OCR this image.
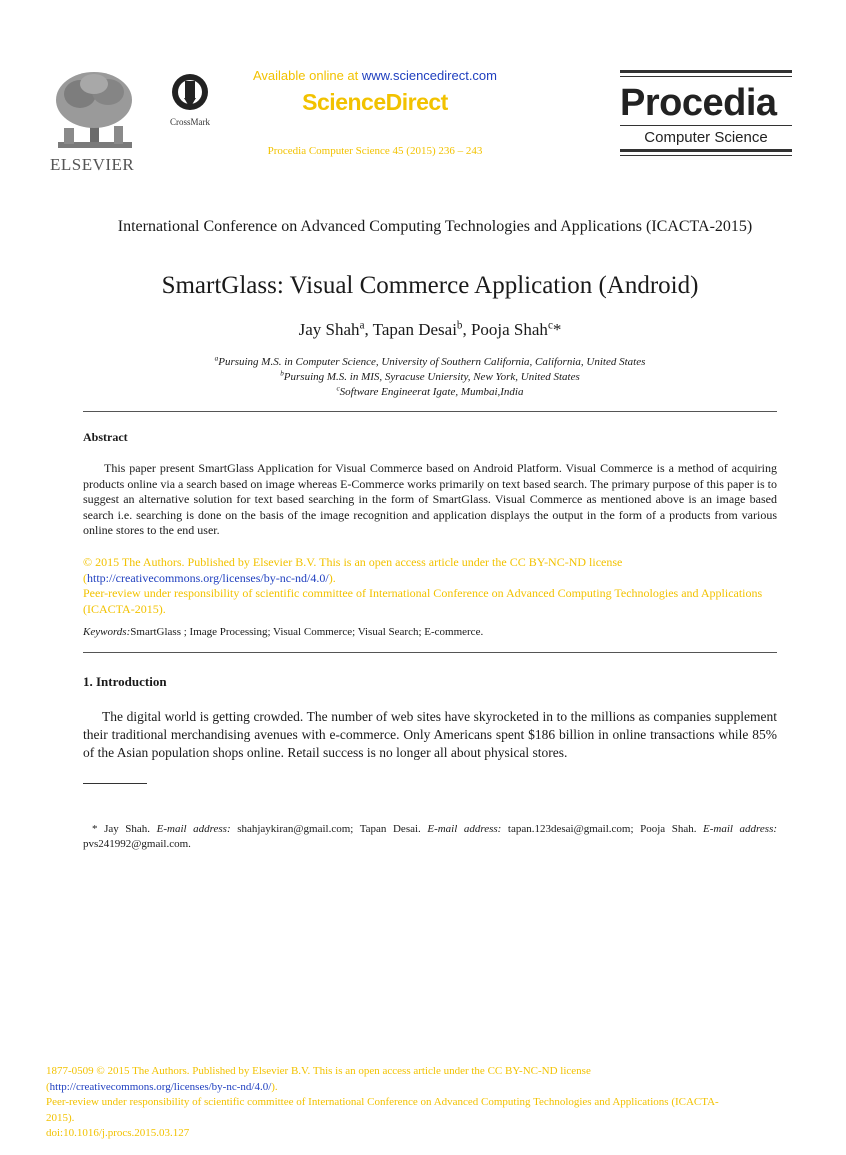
ELSEVIER
CrossMark
Available online at www.sciencedirect.com
ScienceDirect
Procedia Computer Science 45 (2015) 236 – 243
Procedia
Computer Science
International Conference on Advanced Computing Technologies and Applications (ICACTA-2015)
SmartGlass: Visual Commerce Application (Android)
Jay Shah$^a$, Tapan Desai$^b$, Pooja Shah$^c$*
$^a$Pursuing M.S. in Computer Science, University of Southern California, California, United States
$^b$Pursuing M.S. in MIS, Syracuse Uniersity, New York, United States
$^c$Software Engineerat Igate, Mumbai,India
Abstract
This paper present SmartGlass Application for Visual Commerce based on Android Platform. Visual Commerce is a method of acquiring products online via a search based on image whereas E-Commerce works primarily on text based search. The primary purpose of this paper is to suggest an alternative solution for text based searching in the form of SmartGlass. Visual Commerce as mentioned above is an image based search i.e. searching is done on the basis of the image recognition and application displays the output in the form of a products from various online stores to the end user.
© 2015 The Authors. Published by Elsevier B.V. This is an open access article under the CC BY-NC-ND license
(http://creativecommons.org/licenses/by-nc-nd/4.0/).
Peer-review under responsibility of scientific committee of International Conference on Advanced Computing Technologies and Applications (ICACTA-2015).
Keywords:SmartGlass ; Image Processing; Visual Commerce; Visual Search; E-commerce.
1. Introduction
The digital world is getting crowded. The number of web sites have skyrocketed in to the millions as companies supplement their traditional merchandising avenues with e-commerce. Only Americans spent $186 billion in online transactions while 85% of the Asian population shops online. Retail success is no longer all about physical stores.
* Jay Shah. E-mail address: shahjaykiran@gmail.com; Tapan Desai. E-mail address: tapan.123desai@gmail.com; Pooja Shah. E-mail address: pvs241992@gmail.com.
1877-0509 © 2015 The Authors. Published by Elsevier B.V. This is an open access article under the CC BY-NC-ND license
(http://creativecommons.org/licenses/by-nc-nd/4.0/).
Peer-review under responsibility of scientific committee of International Conference on Advanced Computing Technologies and Applications (ICACTA-2015).
doi:10.1016/j.procs.2015.03.127
